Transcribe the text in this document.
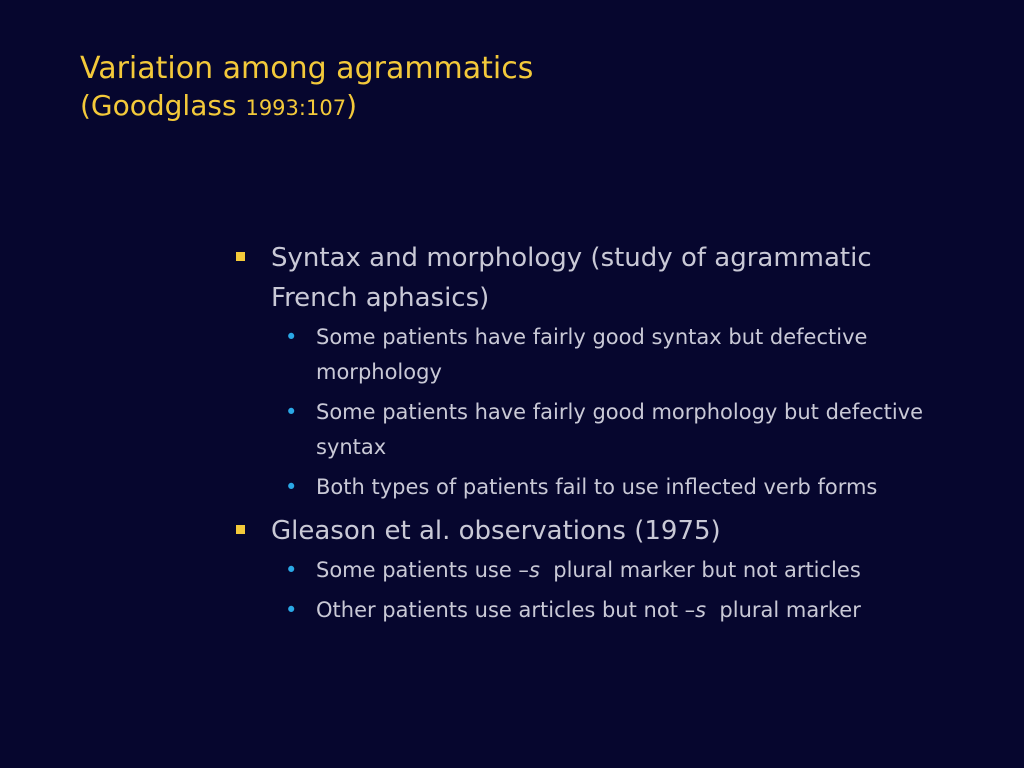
Variation among agrammatics
(Goodglass 1993:107)
Syntax and morphology (study of agrammatic French aphasics)
• Some patients have fairly good syntax but defective morphology
• Some patients have fairly good morphology but defective syntax
• Both types of patients fail to use inflected verb forms
Gleason et al. observations (1975)
• Some patients use –s  plural marker but not articles
• Other patients use articles but not –s  plural marker
